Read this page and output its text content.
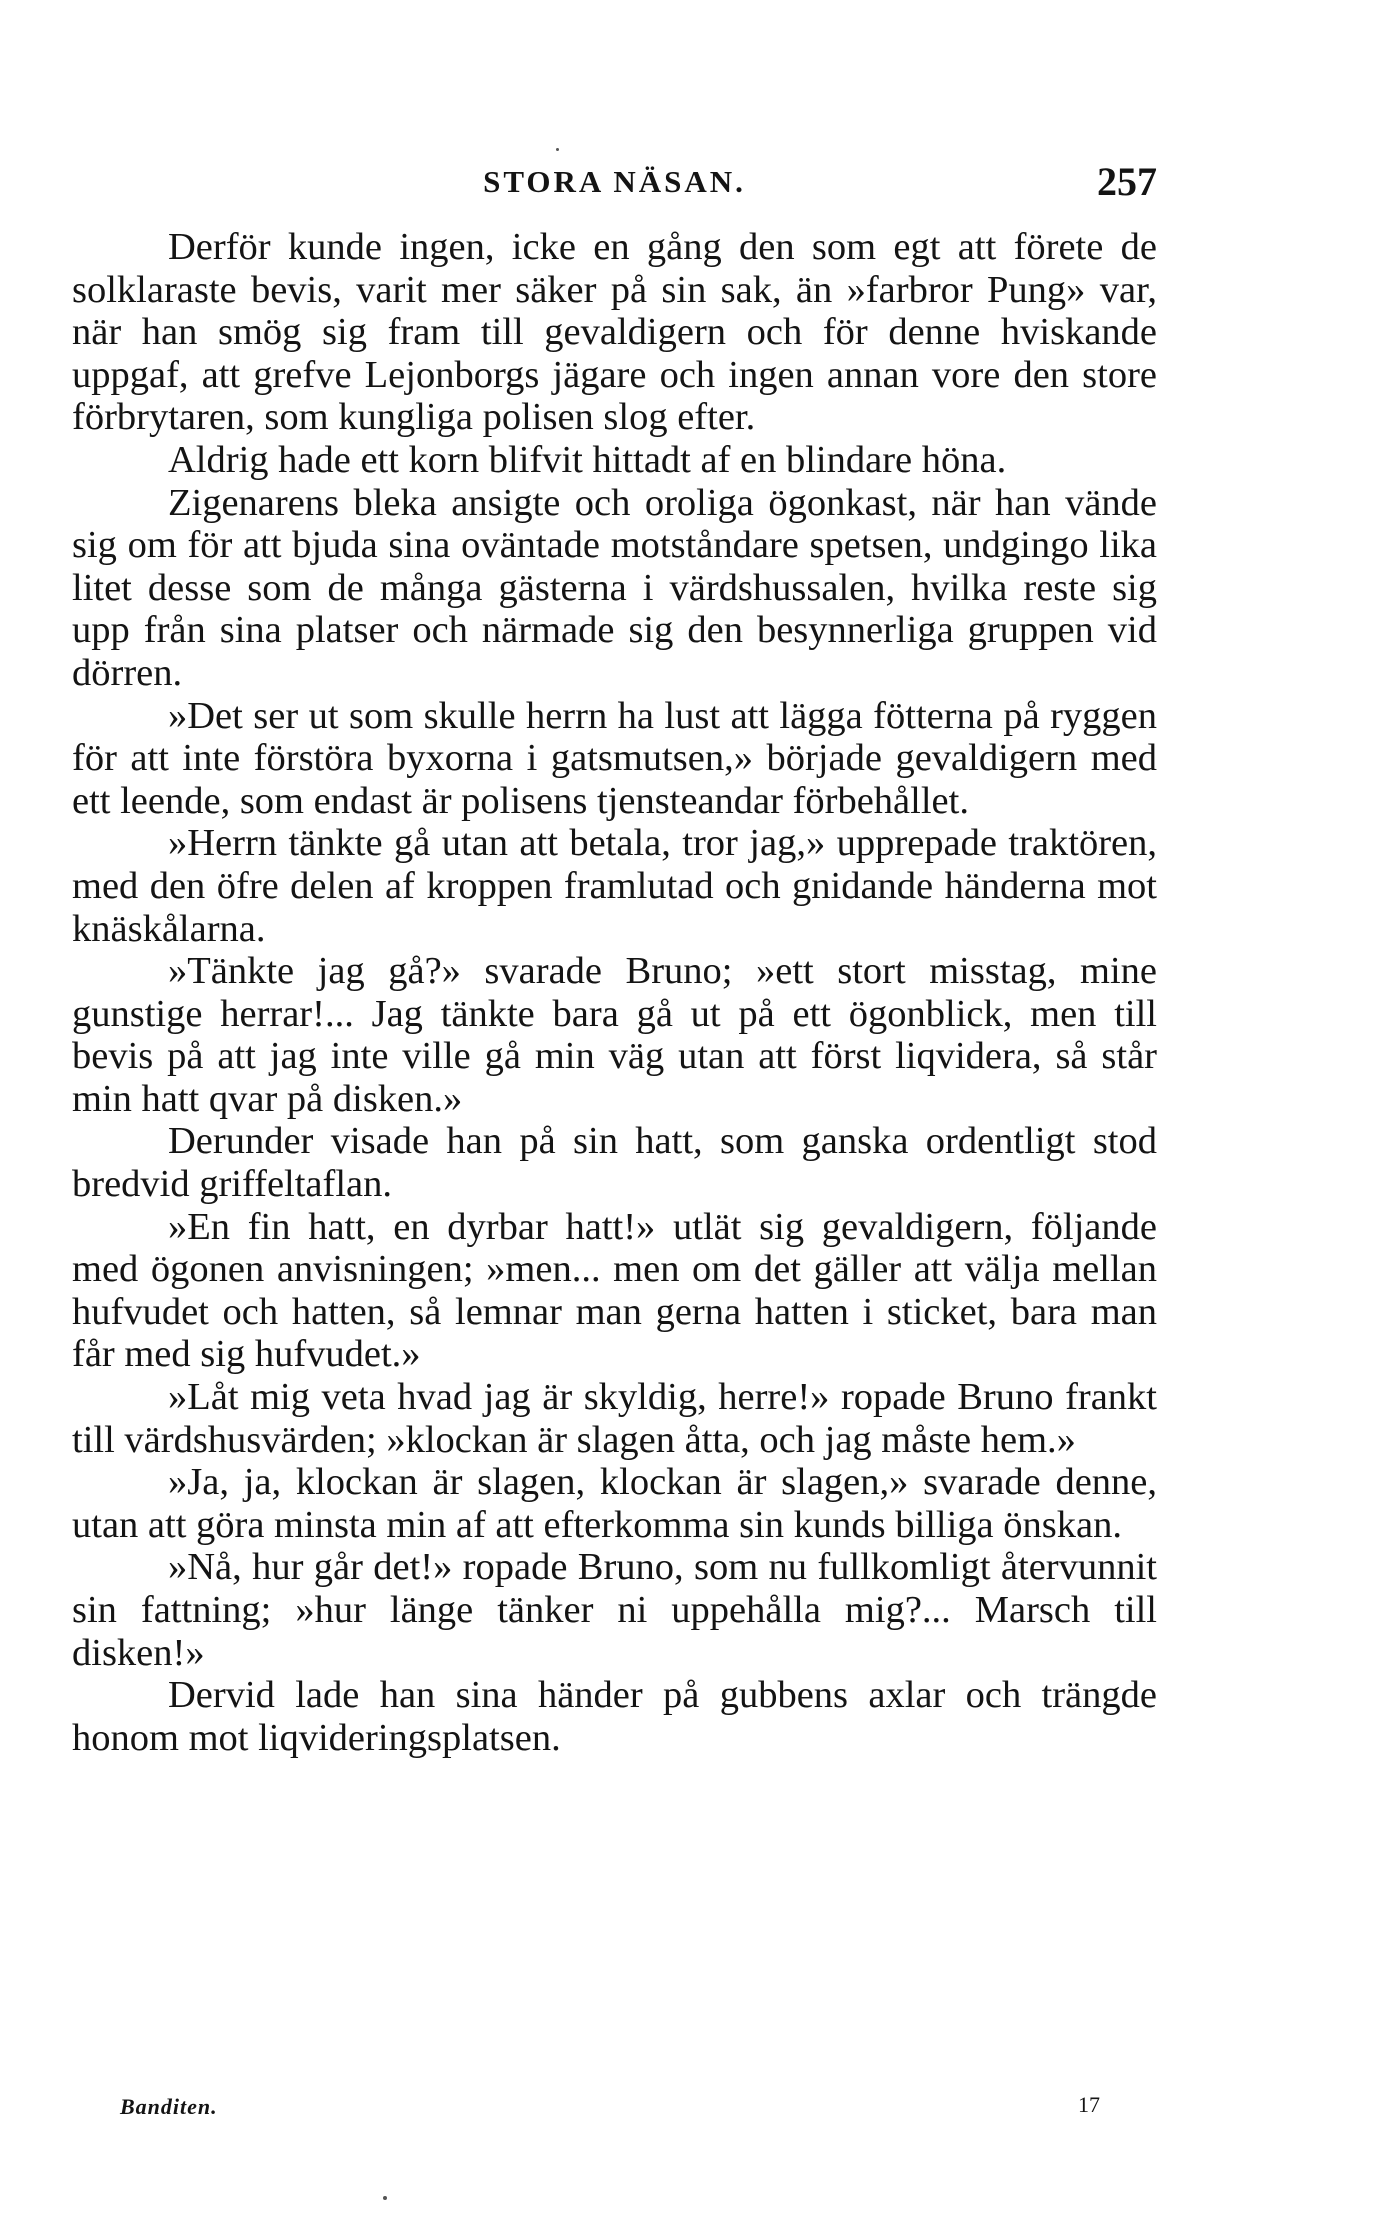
STORA NÄSAN.	257

Derför kunde ingen, icke en gång den som egt att förete de solklaraste bevis, varit mer säker på sin sak, än »farbror Pung» var, när han smög sig fram till gevaldigern och för denne hviskande uppgaf, att grefve Lejonborgs jägare och ingen annan vore den store förbrytaren, som kungliga polisen slog efter.

Aldrig hade ett korn blifvit hittadt af en blindare höna.

Zigenarens bleka ansigte och oroliga ögonkast, när han vände sig om för att bjuda sina oväntade motståndare spetsen, undgingo lika litet desse som de många gästerna i värdshussalen, hvilka reste sig upp från sina platser och närmade sig den besynnerliga gruppen vid dörren.

»Det ser ut som skulle herrn ha lust att lägga fötterna på ryggen för att inte förstöra byxorna i gatsmutsen,» började gevaldigern med ett leende, som endast är polisens tjensteandar förbehållet.

»Herrn tänkte gå utan att betala, tror jag,» upprepade traktören, med den öfre delen af kroppen framlutad och gnidande händerna mot knäskålarna.

»Tänkte jag gå?» svarade Bruno; »ett stort misstag, mine gunstige herrar!... Jag tänkte bara gå ut på ett ögonblick, men till bevis på att jag inte ville gå min väg utan att först liqvidera, så står min hatt qvar på disken.»

Derunder visade han på sin hatt, som ganska ordentligt stod bredvid griffeltaflan.

»En fin hatt, en dyrbar hatt!» utlät sig gevaldigern, följande med ögonen anvisningen; »men... men om det gäller att välja mellan hufvudet och hatten, så lemnar man gerna hatten i sticket, bara man får med sig hufvudet.»

»Låt mig veta hvad jag är skyldig, herre!» ropade Bruno frankt till värdshusvärden; »klockan är slagen åtta, och jag måste hem.»

»Ja, ja, klockan är slagen, klockan är slagen,» svarade denne, utan att göra minsta min af att efterkomma sin kunds billiga önskan.

»Nå, hur går det!» ropade Bruno, som nu fullkomligt återvunnit sin fattning; »hur länge tänker ni uppehålla mig?... Marsch till disken!»

Dervid lade han sina händer på gubbens axlar och trängde honom mot liqvideringsplatsen.

Banditen.	17
